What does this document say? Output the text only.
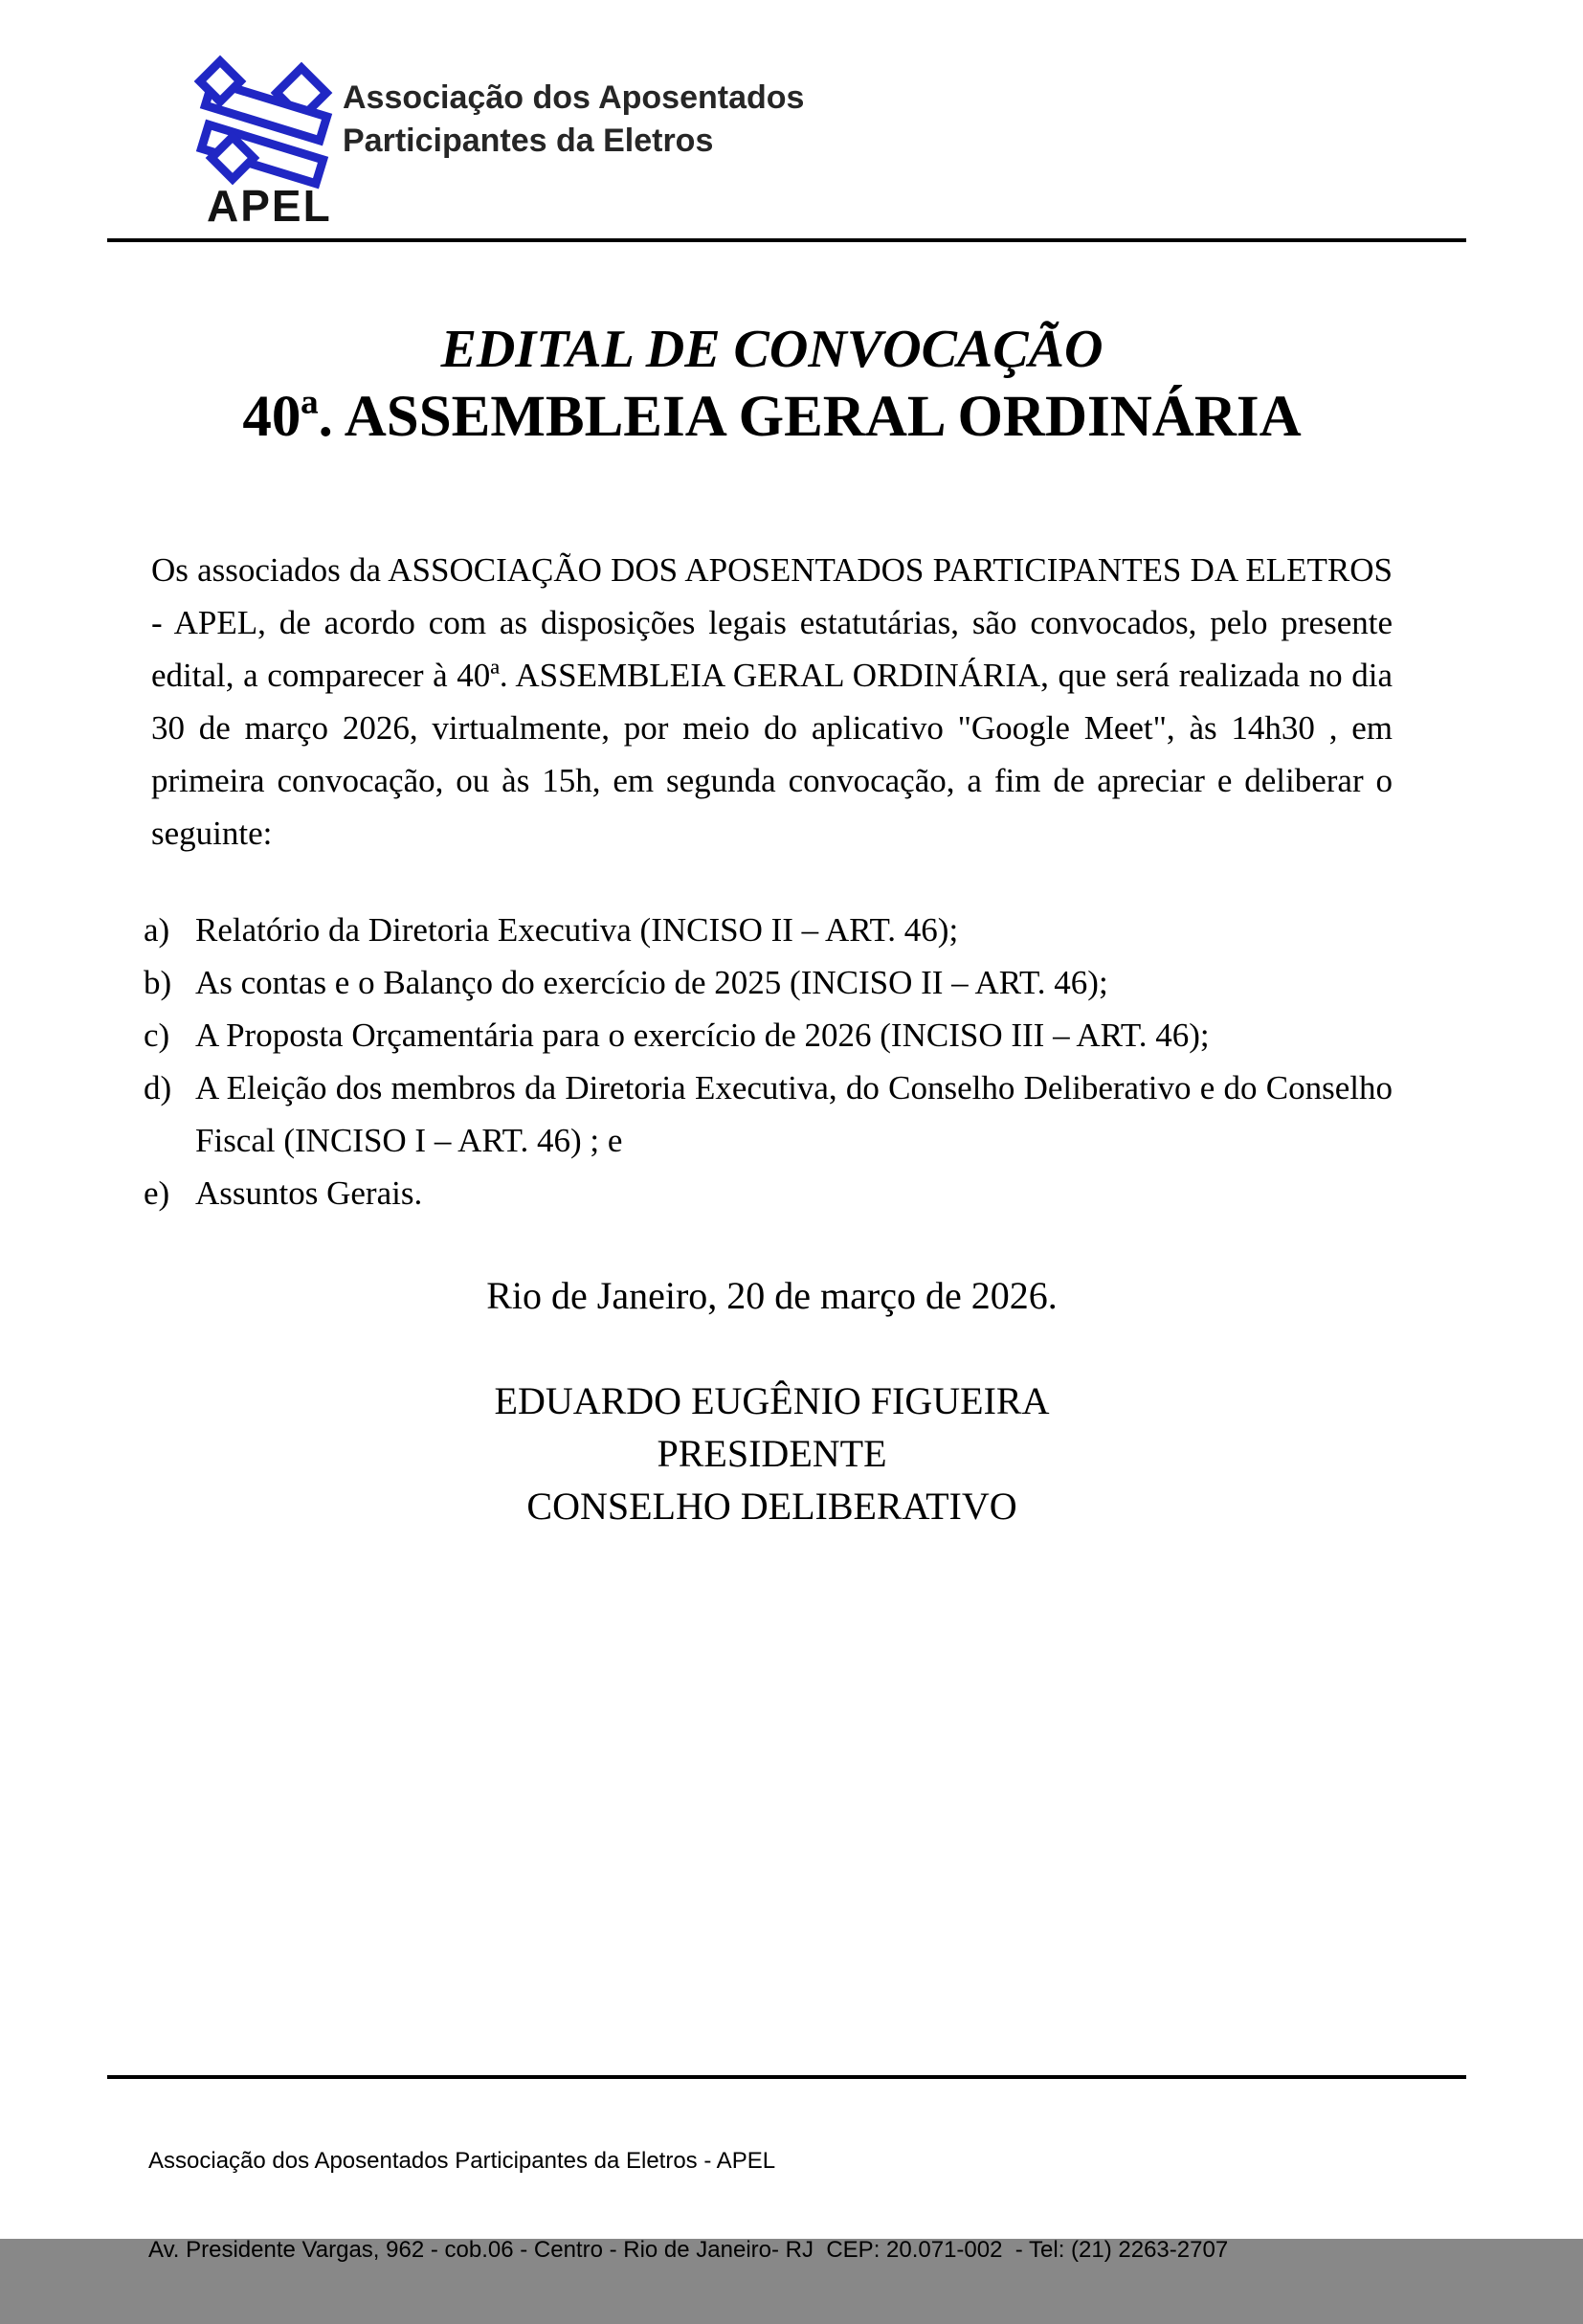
APEL
Associação dos Aposentados
Participantes da Eletros
EDITAL DE CONVOCAÇÃO
40ª. ASSEMBLEIA GERAL ORDINÁRIA

Os associados da ASSOCIAÇÃO DOS APOSENTADOS PARTICIPANTES DA ELETROS - APEL, de acordo com as disposições legais estatutárias, são convocados, pelo presente edital, a comparecer à 40ª. ASSEMBLEIA GERAL ORDINÁRIA, que será realizada no dia 30 de março 2026, virtualmente, por meio do aplicativo "Google Meet", às 14h30 , em primeira convocação, ou às 15h, em segunda convocação, a fim de apreciar e deliberar o seguinte:

a) Relatório da Diretoria Executiva (INCISO II – ART. 46);
b) As contas e o Balanço do exercício de 2025 (INCISO II – ART. 46);
c) A Proposta Orçamentária para o exercício de 2026 (INCISO III – ART. 46);
d) A Eleição dos membros da Diretoria Executiva, do Conselho Deliberativo e do Conselho Fiscal (INCISO I – ART. 46) ; e
e) Assuntos Gerais.

Rio de Janeiro, 20 de março de 2026.

EDUARDO EUGÊNIO FIGUEIRA
PRESIDENTE
CONSELHO DELIBERATIVO

Associação dos Aposentados Participantes da Eletros - APEL

Av. Presidente Vargas, 962 - cob.06 - Centro - Rio de Janeiro- RJ  CEP: 20.071-002  - Tel: (21) 2263-2707
